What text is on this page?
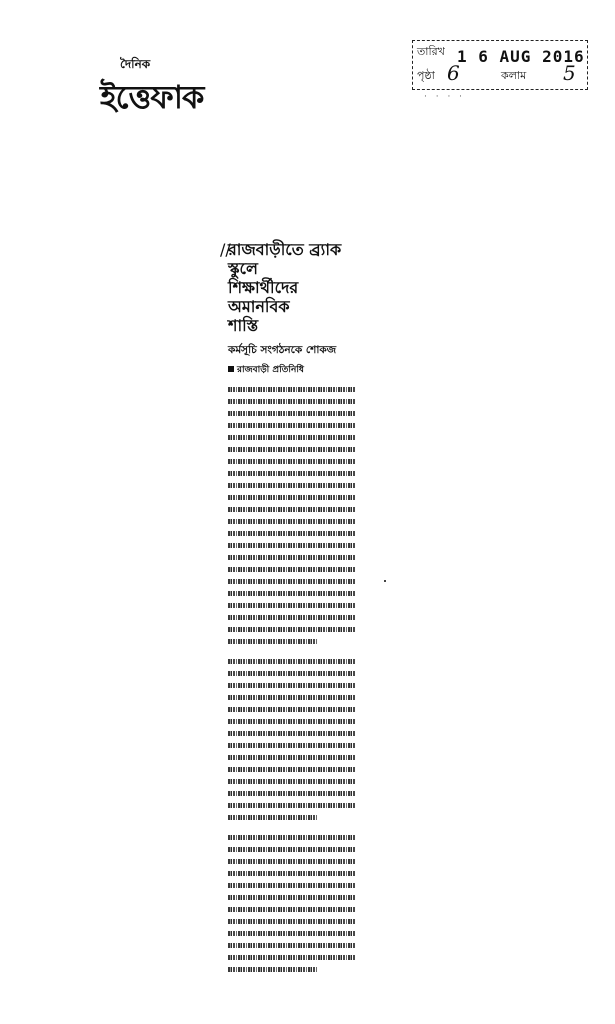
দৈনিক
ইত্তেফাক
তারিখ 1 6 AUG 2016
পৃষ্ঠা 6	কলাম 5
· · · ·
//
রাজবাড়ীতে ব্র্যাক স্কুলে
শিক্ষার্থীদের অমানবিক
শাস্তি
কর্মসূচি সংগঠনকে শোকজ
রাজবাড়ী প্রতিনিধি
